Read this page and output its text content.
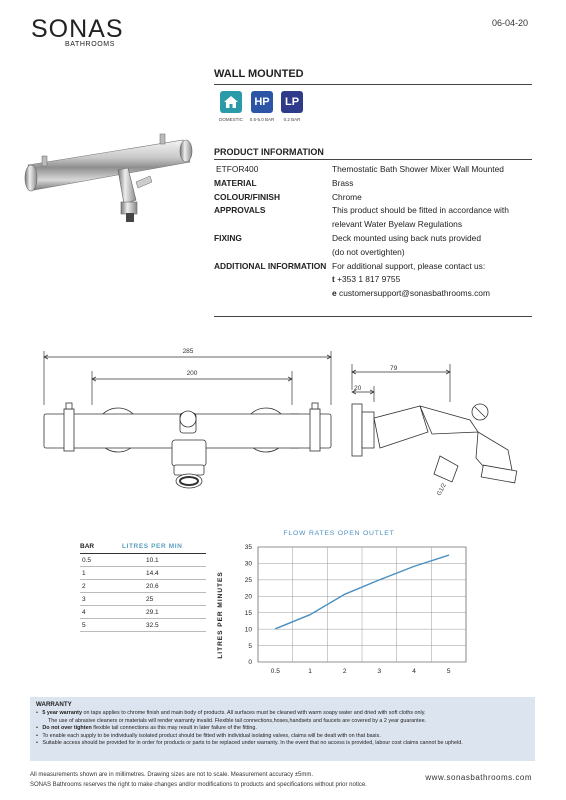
SONAS
BATHROOMS
06-04-20
WALL MOUNTED
DOMESTIC
HP
0.5-5.0 BAR
LP
0.2 BAR
PRODUCT INFORMATION
ETFOR400	Themostatic Bath Shower Mixer Wall Mounted
MATERIAL	Brass
COLOUR/FINISH	Chrome
APPROVALS	This product should be fitted in accordance with
relevant Water Byelaw Regulations
FIXING	Deck mounted using back nuts provided
(do not overtighten)
ADDITIONAL INFORMATION For additional support, please contact us:
t +353 1 817 9755
e customersupport@sonasbathrooms.com
285
200
79
20
G1/2
BAR	LITRES PER MIN
0.5	10.1
1	14.4
2	20.6
3	25
4	29.1
5	32.5
FLOW RATES OPEN OUTLET
LITRES PER MINUTES
0
5
10
15
20
25
30
35
0.5	1	2	3	4	5
WARRANTY
•   5 year warranty on taps applies to chrome finish and main body of products. All surfaces must be cleaned with warm soapy water and dried with soft cloths only.
The use of abrasive cleaners or materials will render warranty invalid. Flexible tail connections,hoses,handsets and faucets are covered by a 2 year guarantee.
•   Do not over tighten flexible tail connections as this may result in later failure of the fitting.
•   To enable each supply to be individually isolated product should be fitted with individual isolating valves, claims will be dealt with on that basis.
•   Suitable access should be provided for in order for products or parts to be replaced under warranty. In the event that no access is provided, labour cost claims cannot be upheld.
All measurements shown are in millimetres. Drawing sizes are not to scale. Measurement accuracy ±5mm.
SONAS Bathrooms reserves the right to make changes and/or modifications to products and specifications without prior notice.
www.sonasbathrooms.com
